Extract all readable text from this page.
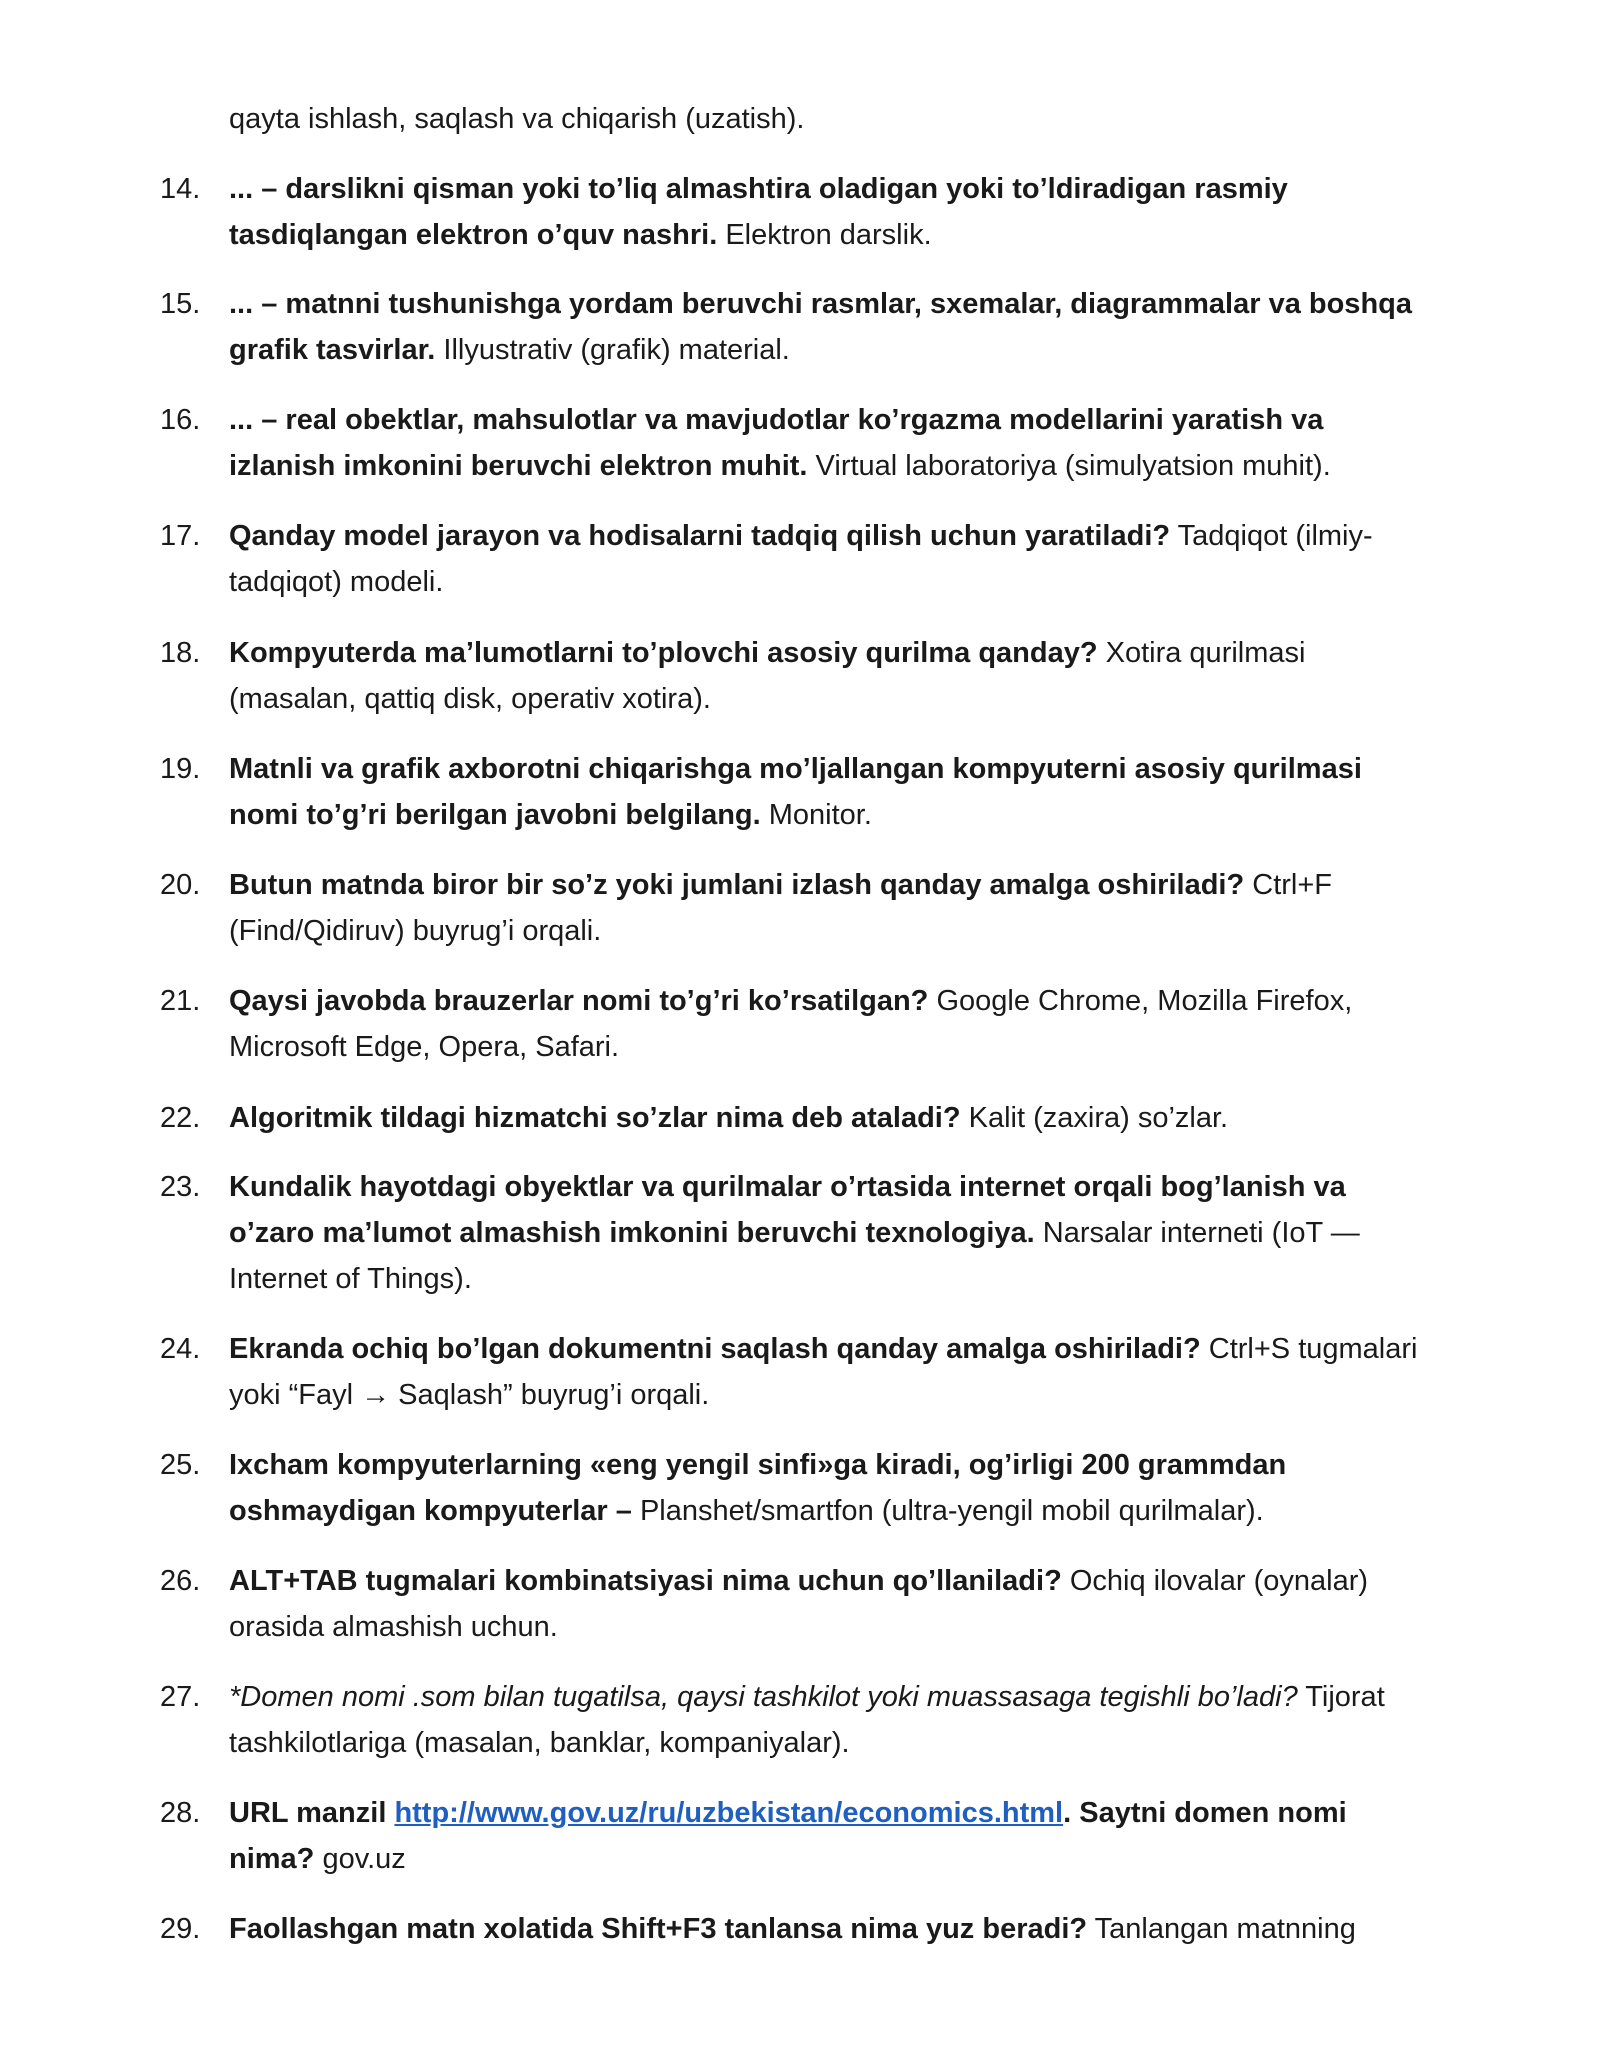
qayta ishlash, saqlash va chiqarish (uzatish).
14. ... – darslikni qisman yoki to’liq almashtira oladigan yoki to’ldiradigan rasmiy tasdiqlangan elektron o’quv nashri. Elektron darslik.
15. ... – matnni tushunishga yordam beruvchi rasmlar, sxemalar, diagrammalar va boshqa grafik tasvirlar. Illyustrativ (grafik) material.
16. ... – real obektlar, mahsulotlar va mavjudotlar ko’rgazma modellarini yaratish va izlanish imkonini beruvchi elektron muhit. Virtual laboratoriya (simulyatsion muhit).
17. Qanday model jarayon va hodisalarni tadqiq qilish uchun yaratiladi? Tadqiqot (ilmiy-tadqiqot) modeli.
18. Kompyuterda ma’lumotlarni to’plovchi asosiy qurilma qanday? Xotira qurilmasi (masalan, qattiq disk, operativ xotira).
19. Matnli va grafik axborotni chiqarishga mo’ljallangan kompyuterni asosiy qurilmasi nomi to’g’ri berilgan javobni belgilang. Monitor.
20. Butun matnda biror bir so’z yoki jumlani izlash qanday amalga oshiriladi? Ctrl+F (Find/Qidiruv) buyrug’i orqali.
21. Qaysi javobda brauzerlar nomi to’g’ri ko’rsatilgan? Google Chrome, Mozilla Firefox, Microsoft Edge, Opera, Safari.
22. Algoritmik tildagi hizmatchi so’zlar nima deb ataladi? Kalit (zaxira) so’zlar.
23. Kundalik hayotdagi obyektlar va qurilmalar o’rtasida internet orqali bog’lanish va o’zaro ma’lumot almashish imkonini beruvchi texnologiya. Narsalar interneti (IoT — Internet of Things).
24. Ekranda ochiq bo’lgan dokumentni saqlash qanday amalga oshiriladi? Ctrl+S tugmalari yoki “Fayl → Saqlash” buyrug’i orqali.
25. Ixcham kompyuterlarning «eng yengil sinfi»ga kiradi, og’irligi 200 grammdan oshmaydigan kompyuterlar – Planshet/smartfon (ultra-yengil mobil qurilmalar).
26. ALT+TAB tugmalari kombinatsiyasi nima uchun qo’llaniladi? Ochiq ilovalar (oynalar) orasida almashish uchun.
27. *Domen nomi .som bilan tugatilsa, qaysi tashkilot yoki muassasaga tegishli bo’ladi? Tijorat tashkilotlariga (masalan, banklar, kompaniyalar).
28. URL manzil http://www.gov.uz/ru/uzbekistan/economics.html. Saytni domen nomi nima? gov.uz
29. Faollashgan matn xolatida Shift+F3 tanlansa nima yuz beradi? Tanlangan matnning
